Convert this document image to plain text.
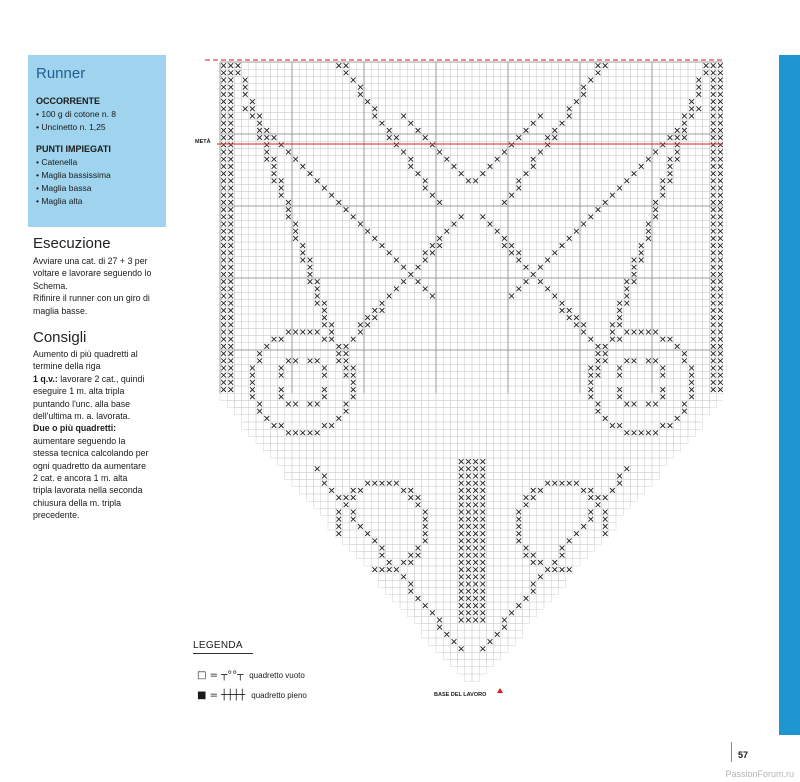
Runner
OCCORRENTE
• 100 g di cotone n. 8
• Uncinetto n. 1,25
PUNTI IMPIEGATI
• Catenella
• Maglia bassissima
• Maglia bassa
• Maglia alta
Esecuzione
Avviare una cat. di 27 + 3 per
voltare e lavorare seguendo lo
Schema.
Rifinire il runner con un giro di
maglia basse.
Consigli
Aumento di più quadretti al
termine della riga
1 q.v.: lavorare 2 cat., quindi
eseguire 1 m. alta tripla
puntando l'unc. alla base
dell'ultima m. a. lavorata.
Due o più quadretti:
aumentare seguendo la
stessa tecnica calcolando per
ogni quadretto da aumentare
2 cat. e ancora 1 m. alta
tripla lavorata nella seconda
chiusura della m. tripla
precedente.
METÀ
BASE DEL LAVORO
LEGENDA
□ = ┬°°┬ quadretto vuoto
■ = ┼┼┼┼ quadretto pieno
57
PassionForum.ru
